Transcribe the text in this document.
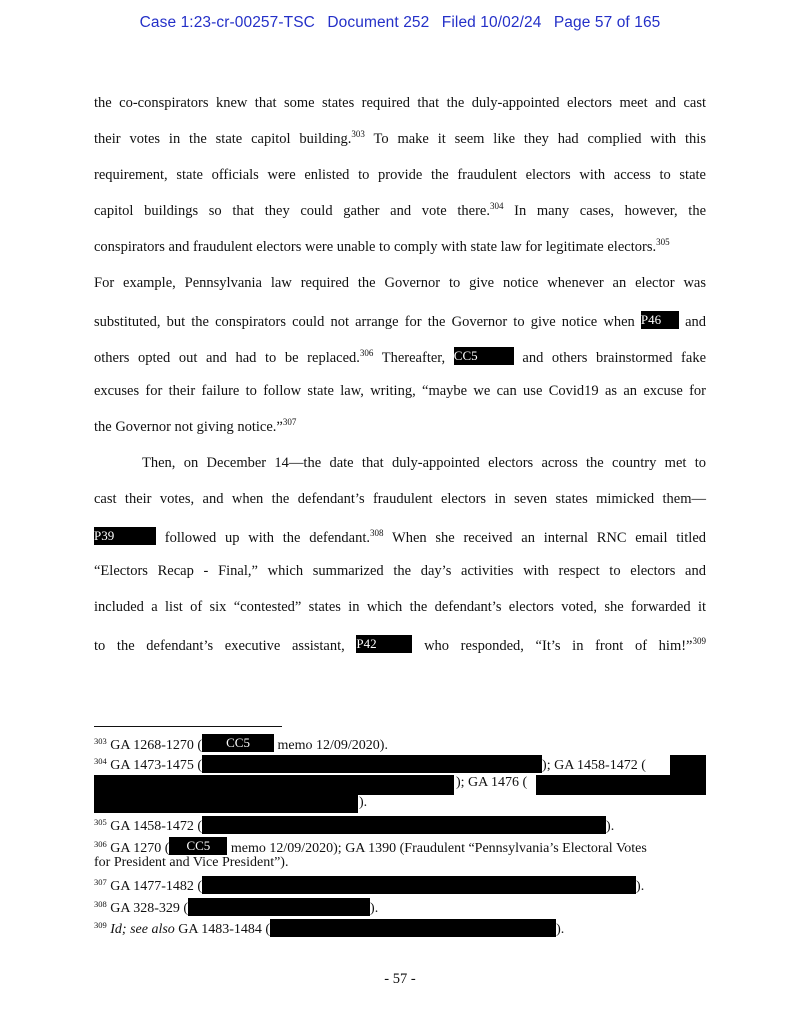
Case 1:23-cr-00257-TSC Document 252 Filed 10/02/24 Page 57 of 165
the co-conspirators knew that some states required that the duly-appointed electors meet and cast
their votes in the state capitol building.$^{303}$ To make it seem like they had complied with this
requirement, state officials were enlisted to provide the fraudulent electors with access to state
capitol buildings so that they could gather and vote there.$^{304}$ In many cases, however, the
conspirators and fraudulent electors were unable to comply with state law for legitimate electors.$^{305}$
For example, Pennsylvania law required the Governor to give notice whenever an elector was
substituted, but the conspirators could not arrange for the Governor to give notice when P46 and
others opted out and had to be replaced.$^{306}$ Thereafter, CC5	and others brainstormed fake
excuses for their failure to follow state law, writing, “maybe we can use Covid19 as an excuse for
the Governor not giving notice.”$^{307}$
Then, on December 14—the date that duly-appointed electors across the country met to
cast their votes, and when the defendant’s fraudulent electors in seven states mimicked them—
P39	followed up with the defendant.$^{308}$ When she received an internal RNC email titled
“Electors Recap - Final,” which summarized the day’s activities with respect to electors and
included a list of six “contested” states in which the defendant’s electors voted, she forwarded it
to the defendant’s executive assistant, P42	who responded, “It’s in front of him!”$^{309}$
$^{303}$ GA 1268-1270 ( CC5 memo 12/09/2020).
$^{304}$ GA 1473-1475 (	); GA 1458-1472 (
); GA 1476 (
).
$^{305}$ GA 1458-1472 (	).
$^{306}$ GA 1270 ( CC5 memo 12/09/2020); GA 1390 (Fraudulent “Pennsylvania’s Electoral Votes
for President and Vice President”).
$^{307}$ GA 1477-1482 (	).
$^{308}$ GA 328-329 (	).
$^{309}$ Id; see also GA 1483-1484 (	).
- 57 -
